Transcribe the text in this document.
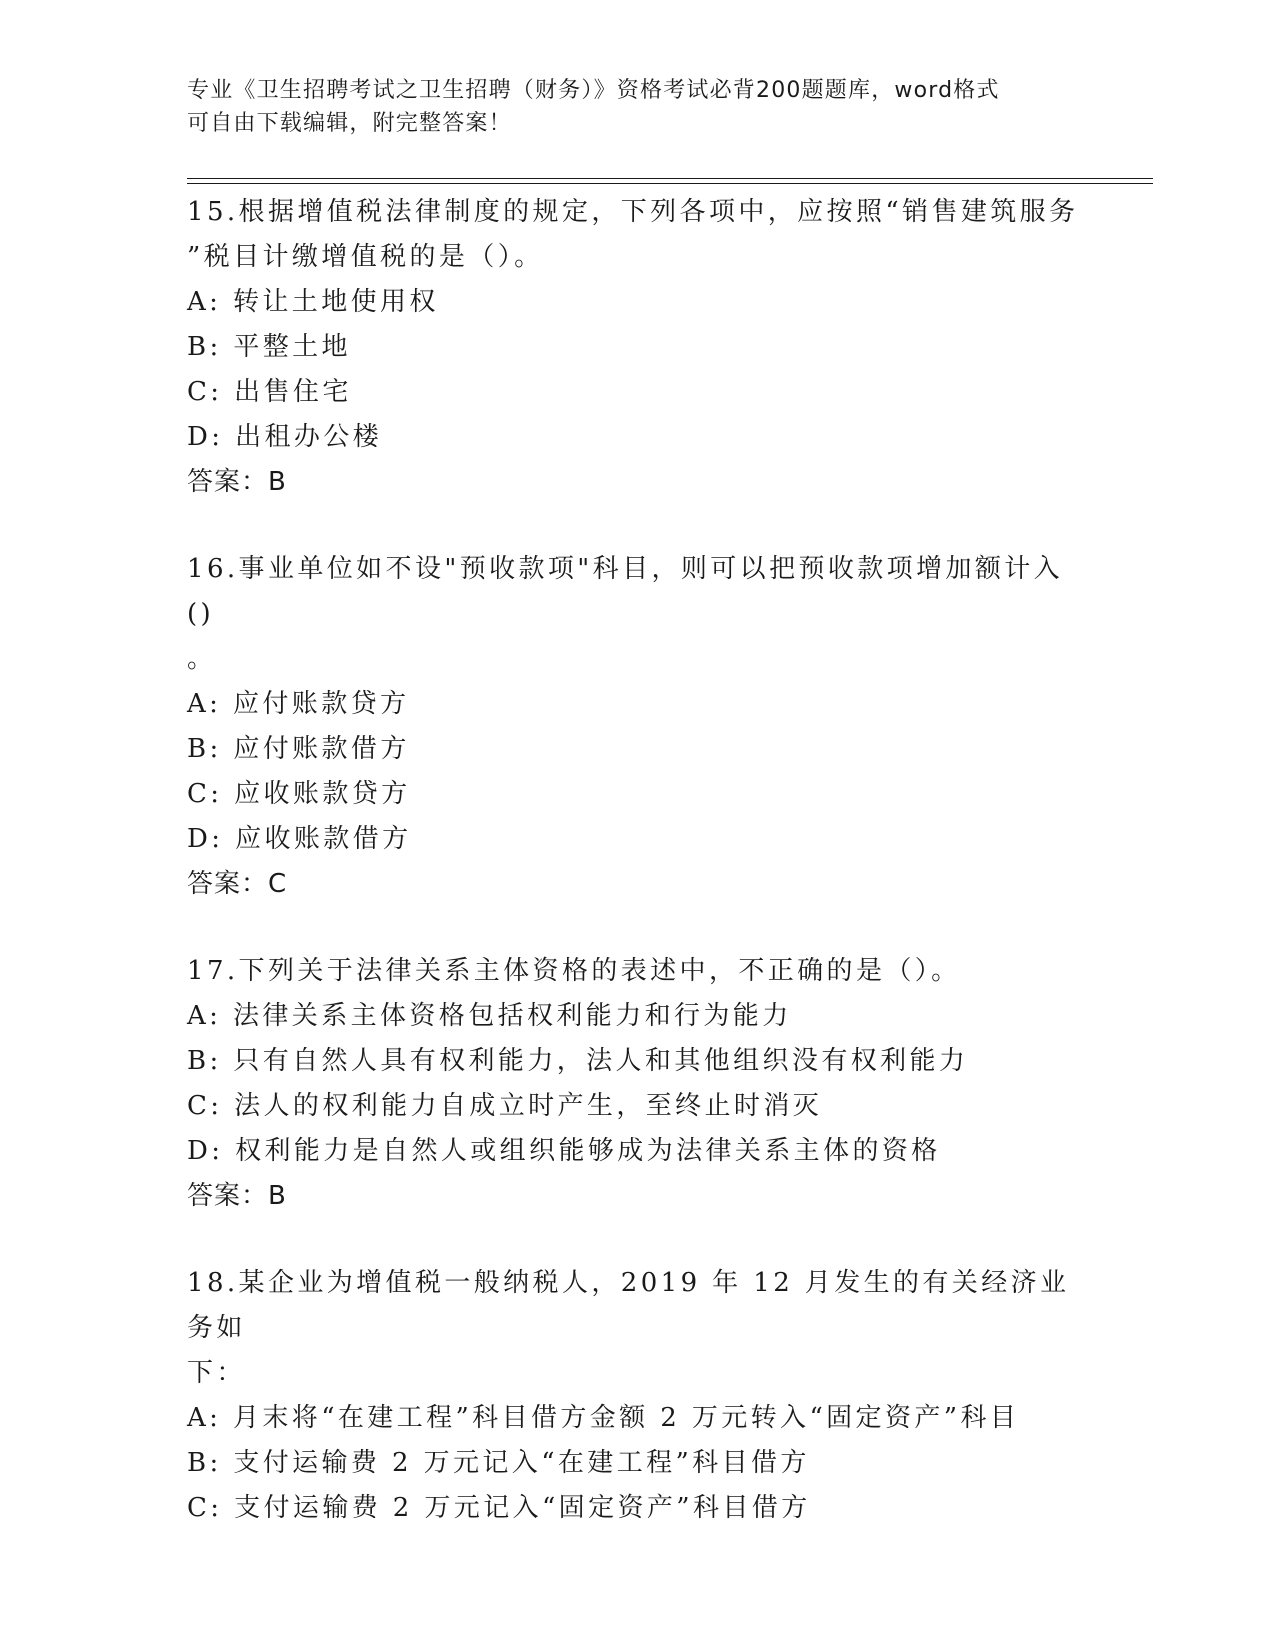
专业《卫生招聘考试之卫生招聘（财务）》资格考试必背200题题库，word格式
可自由下载编辑，附完整答案！
15.根据增值税法律制度的规定，下列各项中，应按照“销售建筑服务
”税目计缴增值税的是（）。
A: 转让土地使用权
B: 平整土地
C: 出售住宅
D: 出租办公楼
答案：B
16.事业单位如不设"预收款项"科目，则可以把预收款项增加额计入()
。
A: 应付账款贷方
B: 应付账款借方
C: 应收账款贷方
D: 应收账款借方
答案：C
17.下列关于法律关系主体资格的表述中，不正确的是（）。
A: 法律关系主体资格包括权利能力和行为能力
B: 只有自然人具有权利能力，法人和其他组织没有权利能力
C: 法人的权利能力自成立时产生，至终止时消灭
D: 权利能力是自然人或组织能够成为法律关系主体的资格
答案：B
18.某企业为增值税一般纳税人，2019 年 12 月发生的有关经济业务如
下：
A: 月末将“在建工程”科目借方金额 2 万元转入“固定资产”科目
B: 支付运输费 2 万元记入“在建工程”科目借方
C: 支付运输费 2 万元记入“固定资产”科目借方
